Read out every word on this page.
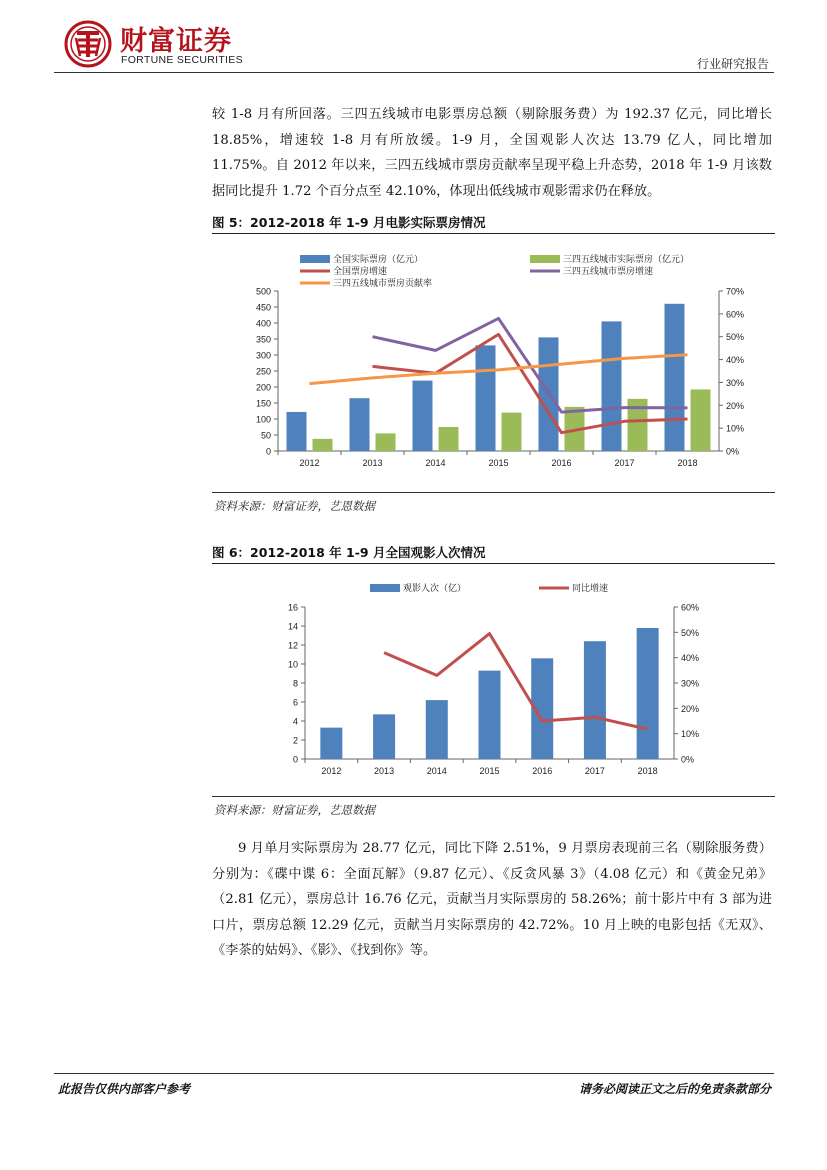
财富证券
FORTUNE SECURITIES	行业研究报告
较 1-8 月有所回落。三四五线城市电影票房总额（剔除服务费）为 192.37 亿元，同比增长 18.85%，增速较 1-8 月有所放缓。1-9 月，全国观影人次达 13.79 亿人，同比增加 11.75%。自 2012 年以来，三四五线城市票房贡献率呈现平稳上升态势，2018 年 1-9 月该数据同比提升 1.72 个百分点至 42.10%，体现出低线城市观影需求仍在释放。
图 5：2012-2018 年 1-9 月电影实际票房情况
0
50
100
150
200
250
300
350
400
450
500
0%
10%
20%
30%
40%
50%
60%
70%
2012	2013	2014	2015	2016	2017	2018
全国实际票房（亿元）	三四五线城市实际票房（亿元）
全国票房增速	三四五线城市票房增速
三四五线城市票房贡献率
资料来源：财富证券，艺恩数据
图 6：2012-2018 年 1-9 月全国观影人次情况
0
2
4
6
8
10
12
14
16
0%
10%
20%
30%
40%
50%
60%
2012	2013	2014	2015	2016	2017	2018
观影人次（亿）	同比增速
资料来源：财富证券，艺恩数据
9 月单月实际票房为 28.77 亿元，同比下降 2.51%，9 月票房表现前三名（剔除服务费）分别为：《碟中谍 6：全面瓦解》（9.87 亿元）、《反贪风暴 3》（4.08 亿元）和《黄金兄弟》（2.81 亿元），票房总计 16.76 亿元，贡献当月实际票房的 58.26%；前十影片中有 3 部为进口片，票房总额 12.29 亿元，贡献当月实际票房的 42.72%。10 月上映的电影包括《无双》、《李茶的姑妈》、《影》、《找到你》等。
此报告仅供内部客户参考	请务必阅读正文之后的免责条款部分
